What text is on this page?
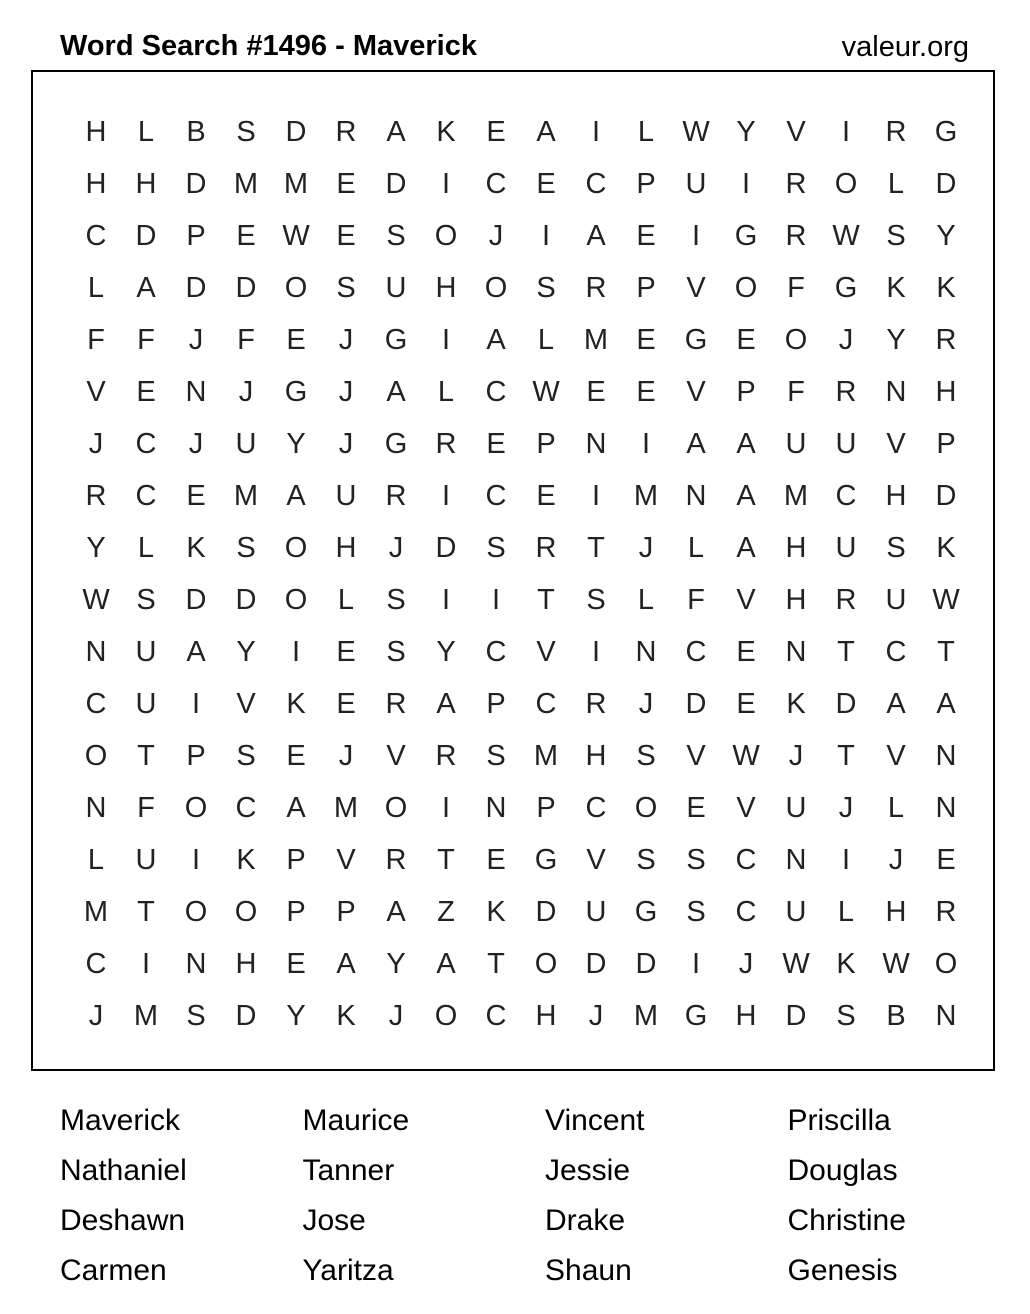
Word Search #1496 - Maverick	valeur.org
H	L	B	S	D	R	A	K	E	A	I	L W Y	V	I	R G
H	H	D M M E	D	I	C	E	C	P	U	I	R O	L	D
C	D	P	E W E	S	O	J	I	A	E	I	G R W S	Y
L	A	D	D O	S	U	H O	S	R	P	V	O	F	G	K	K
F	F	J	F	E	J	G	I	A	L	M E	G	E	O	J	Y	R
V	E	N	J	G	J	A	L	C W E	E	V	P	F	R	N	H
J	C	J	U	Y	J	G R	E	P	N	I	A	A	U	U	V	P
R	C	E M A	U	R	I	C	E	I	M N	A M C	H	D
Y	L	K	S	O H	J	D	S	R	T	J	L	A	H	U	S	K
W S	D	D O	L	S	I	I	T	S	L	F	V	H	R	U W
N	U	A	Y	I	E	S	Y	C	V	I	N	C	E	N	T	C	T
C	U	I	V	K	E	R	A	P	C	R	J	D	E	K	D	A	A
O	T	P	S	E	J	V	R	S M H	S	V W	J	T	V	N
N	F	O C	A M O	I	N	P	C O	E	V	U	J	L	N
L	U	I	K	P	V	R	T	E	G	V	S	S	C	N	I	J	E
M	T	O O	P	P	A	Z	K	D	U G	S	C	U	L	H	R
C	I	N	H	E	A	Y	A	T	O D	D	I	J	W K W O
J	M S	D	Y	K	J	O C	H	J	M G H	D	S	B	N
Maverick	Maurice	Vincent	Priscilla
Nathaniel	Tanner	Jessie	Douglas
Deshawn	Jose	Drake	Christine
Carmen	Yaritza	Shaun	Genesis
